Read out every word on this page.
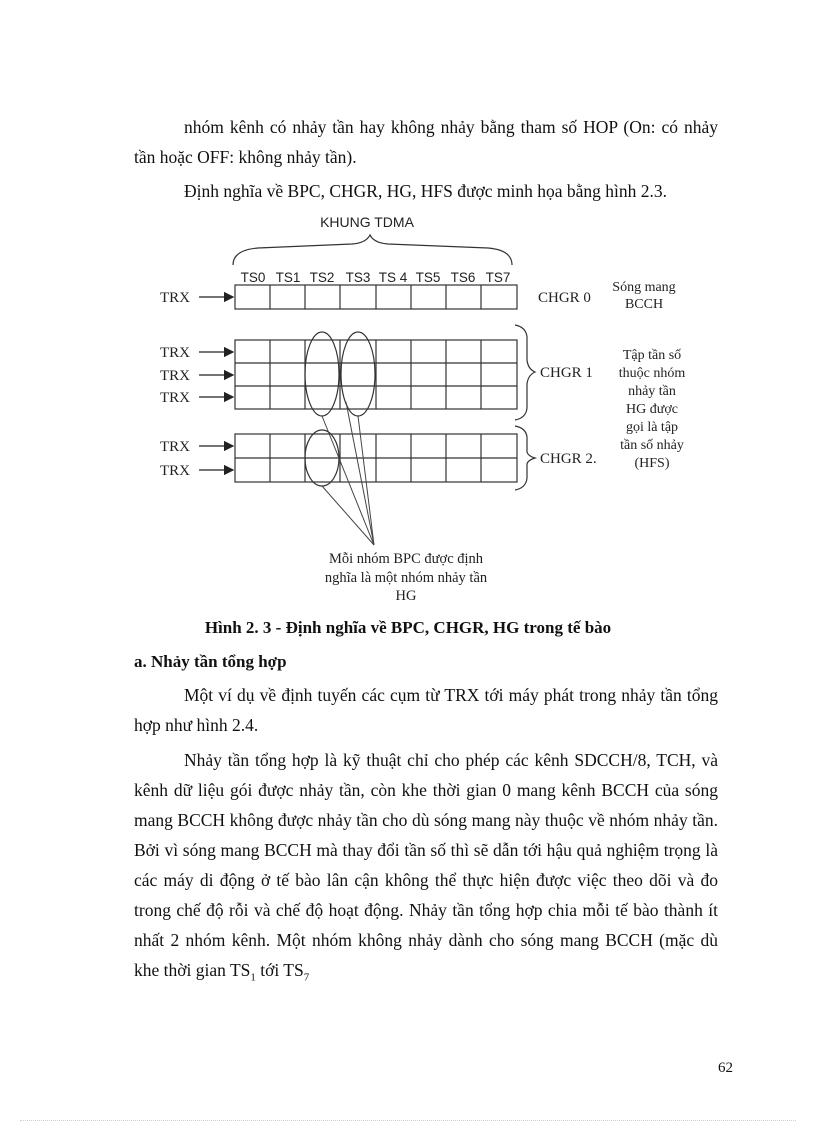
nhóm kênh có nhảy tần hay không nhảy bằng tham số HOP (On: có nhảy tần hoặc OFF: không nhảy tần).

Định nghĩa về BPC, CHGR, HG, HFS được minh họa bằng hình 2.3.

KHUNG TDMA
TS0 TS1 TS2 TS3 TS 4 TS5 TS6 TS7
TRX
TRX
TRX
TRX
TRX
TRX
CHGR 0
CHGR 1
CHGR 2.
Sóng mang
BCCH
Tập tần số
thuộc nhóm
nhảy tần
HG được
gọi là tập
tần số nhảy
(HFS)
Mỗi nhóm BPC được định
nghĩa là một nhóm nhảy tần
HG
Hình 2. 3 - Định nghĩa về BPC, CHGR, HG trong tế bào
a. Nhảy tần tổng hợp

Một ví dụ về định tuyến các cụm từ TRX tới máy phát trong nhảy tần tổng hợp như hình 2.4.

Nhảy tần tổng hợp là kỹ thuật chỉ cho phép các kênh SDCCH/8, TCH, và kênh dữ liệu gói được nhảy tần, còn khe thời gian 0 mang kênh BCCH của sóng mang BCCH không được nhảy tần cho dù sóng mang này thuộc về nhóm nhảy tần. Bởi vì sóng mang BCCH mà thay đổi tần số thì sẽ dẫn tới hậu quả nghiệm trọng là các máy di động ở tế bào lân cận không thể thực hiện được việc theo dõi và đo trong chế độ rỗi và chế độ hoạt động. Nhảy tần tổng hợp chia mỗi tế bào thành ít nhất 2 nhóm kênh. Một nhóm không nhảy dành cho sóng mang BCCH (mặc dù khe thời gian $TS_1$ tới $TS_7$

62
